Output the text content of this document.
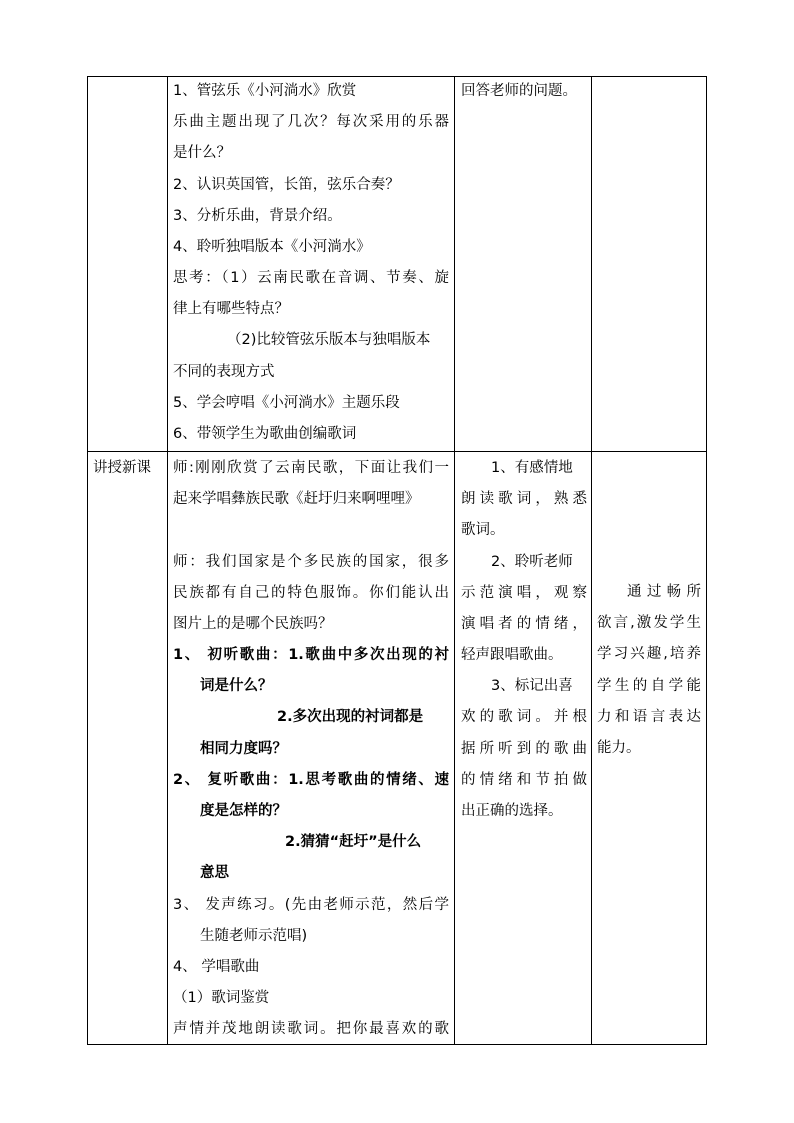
1、管弦乐《小河淌水》欣赏
乐曲主题出现了几次？每次采用的乐器
是什么？
2、认识英国管，长笛，弦乐合奏？
3、分析乐曲，背景介绍。
4、聆听独唱版本《小河淌水》
思考：（1）云南民歌在音调、节奏、旋
律上有哪些特点？
（2)比较管弦乐版本与独唱版本
不同的表现方式
5、学会哼唱《小河淌水》主题乐段
6、带领学生为歌曲创编歌词
回答老师的问题。
讲授新课 师:刚刚欣赏了云南民歌，下面让我们一
起来学唱彝族民歌《赶圩归来啊哩哩》
师：我们国家是个多民族的国家，很多
民族都有自己的特色服饰。你们能认出
图片上的是哪个民族吗？
1、 初听歌曲：1.歌曲中多次出现的衬
词是什么？
2.多次出现的衬词都是
相同力度吗？
2、 复听歌曲：1.思考歌曲的情绪、速
度是怎样的？
2.猜猜“赶圩”是什么
意思
3、 发声练习。(先由老师示范，然后学
生随老师示范唱)
4、 学唱歌曲
（1）歌词鉴赏
声情并茂地朗读歌词。把你最喜欢的歌
1、有感情地
朗读歌词，熟悉
歌词。
2、聆听老师
示范演唱，观察
演唱者的情绪，
轻声跟唱歌曲。
3、标记出喜
欢的歌词。并根
据所听到的歌曲
的情绪和节拍做
出正确的选择。
通过畅所
欲言,激发学生
学习兴趣,培养
学生的自学能
力和语言表达
能力。
